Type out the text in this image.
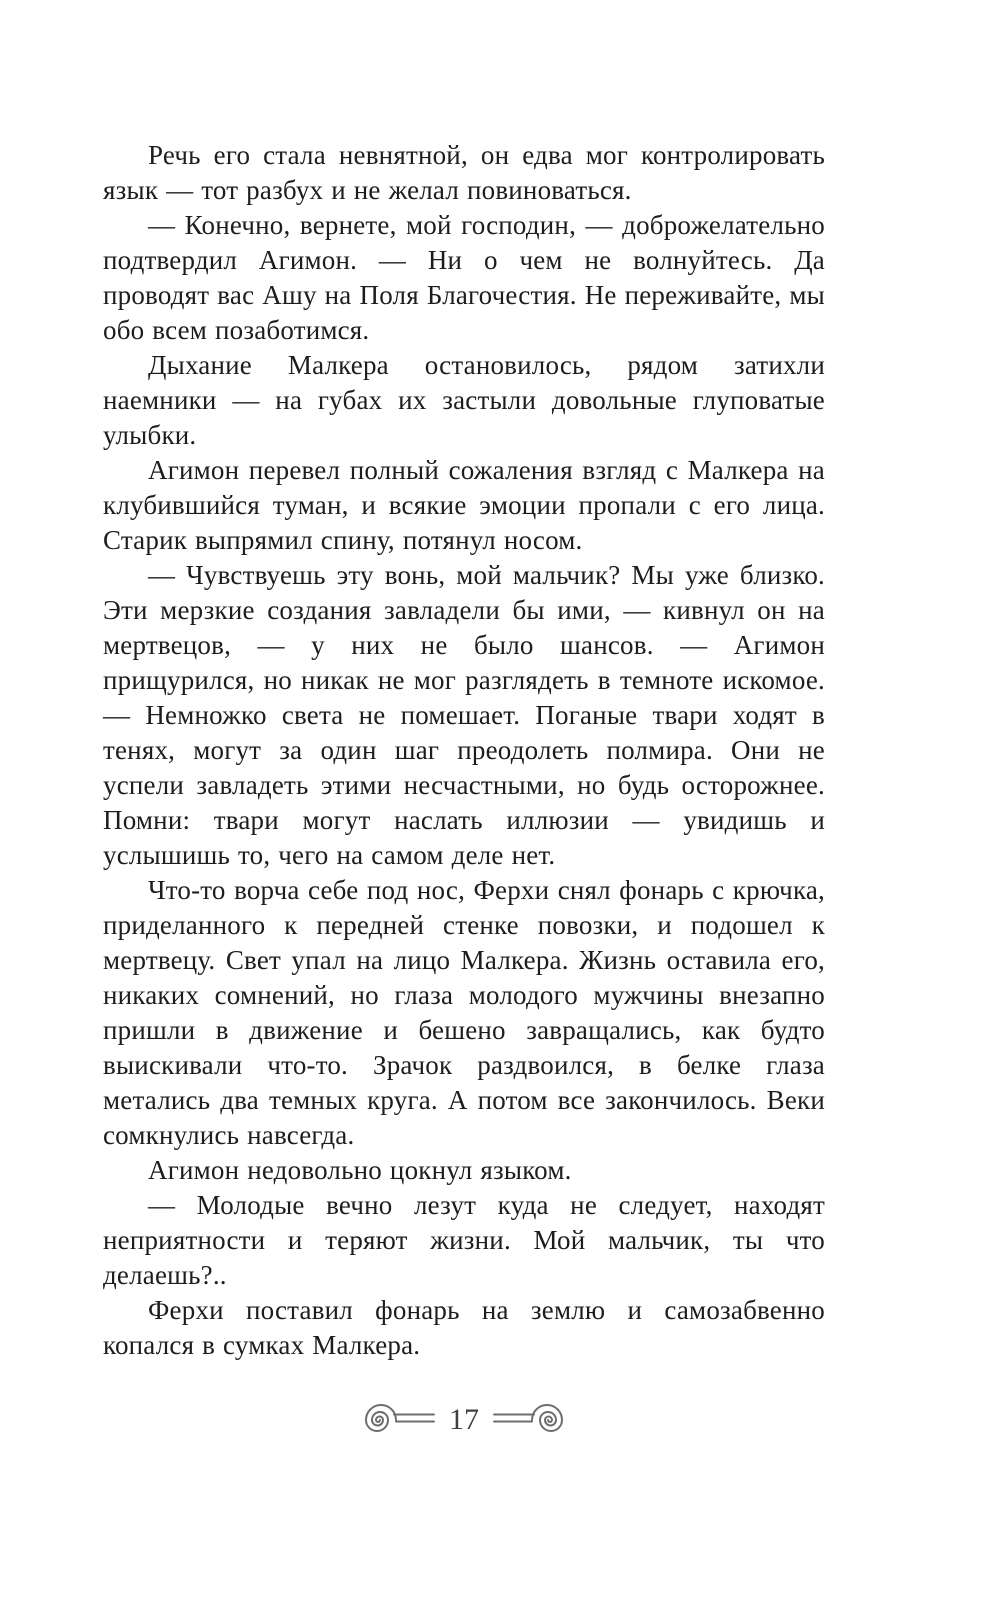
Речь его стала невнятной, он едва мог контролировать язык — тот разбух и не желал повиноваться.

— Конечно, вернете, мой господин, — доброжелательно подтвердил Агимон. — Ни о чем не волнуйтесь. Да проводят вас Ашу на Поля Благочестия. Не переживайте, мы обо всем позаботимся.

Дыхание Малкера остановилось, рядом затихли наемники — на губах их застыли довольные глуповатые улыбки.

Агимон перевел полный сожаления взгляд с Малкера на клубившийся туман, и всякие эмоции пропали с его лица. Старик выпрямил спину, потянул носом.

— Чувствуешь эту вонь, мой мальчик? Мы уже близко. Эти мерзкие создания завладели бы ими, — кивнул он на мертвецов, — у них не было шансов. — Агимон прищурился, но никак не мог разглядеть в темноте искомое. — Немножко света не помешает. Поганые твари ходят в тенях, могут за один шаг преодолеть полмира. Они не успели завладеть этими несчастными, но будь осторожнее. Помни: твари могут наслать иллюзии — увидишь и услышишь то, чего на самом деле нет.

Что-то ворча себе под нос, Ферхи снял фонарь с крючка, приделанного к передней стенке повозки, и подошел к мертвецу. Свет упал на лицо Малкера. Жизнь оставила его, никаких сомнений, но глаза молодого мужчины внезапно пришли в движение и бешено завращались, как будто выискивали что-то. Зрачок раздвоился, в белке глаза метались два темных круга. А потом все закончилось. Веки сомкнулись навсегда.

Агимон недовольно цокнул языком.

— Молодые вечно лезут куда не следует, находят неприятности и теряют жизни. Мой мальчик, ты что делаешь?..

Ферхи поставил фонарь на землю и самозабвенно копался в сумках Малкера.

17
